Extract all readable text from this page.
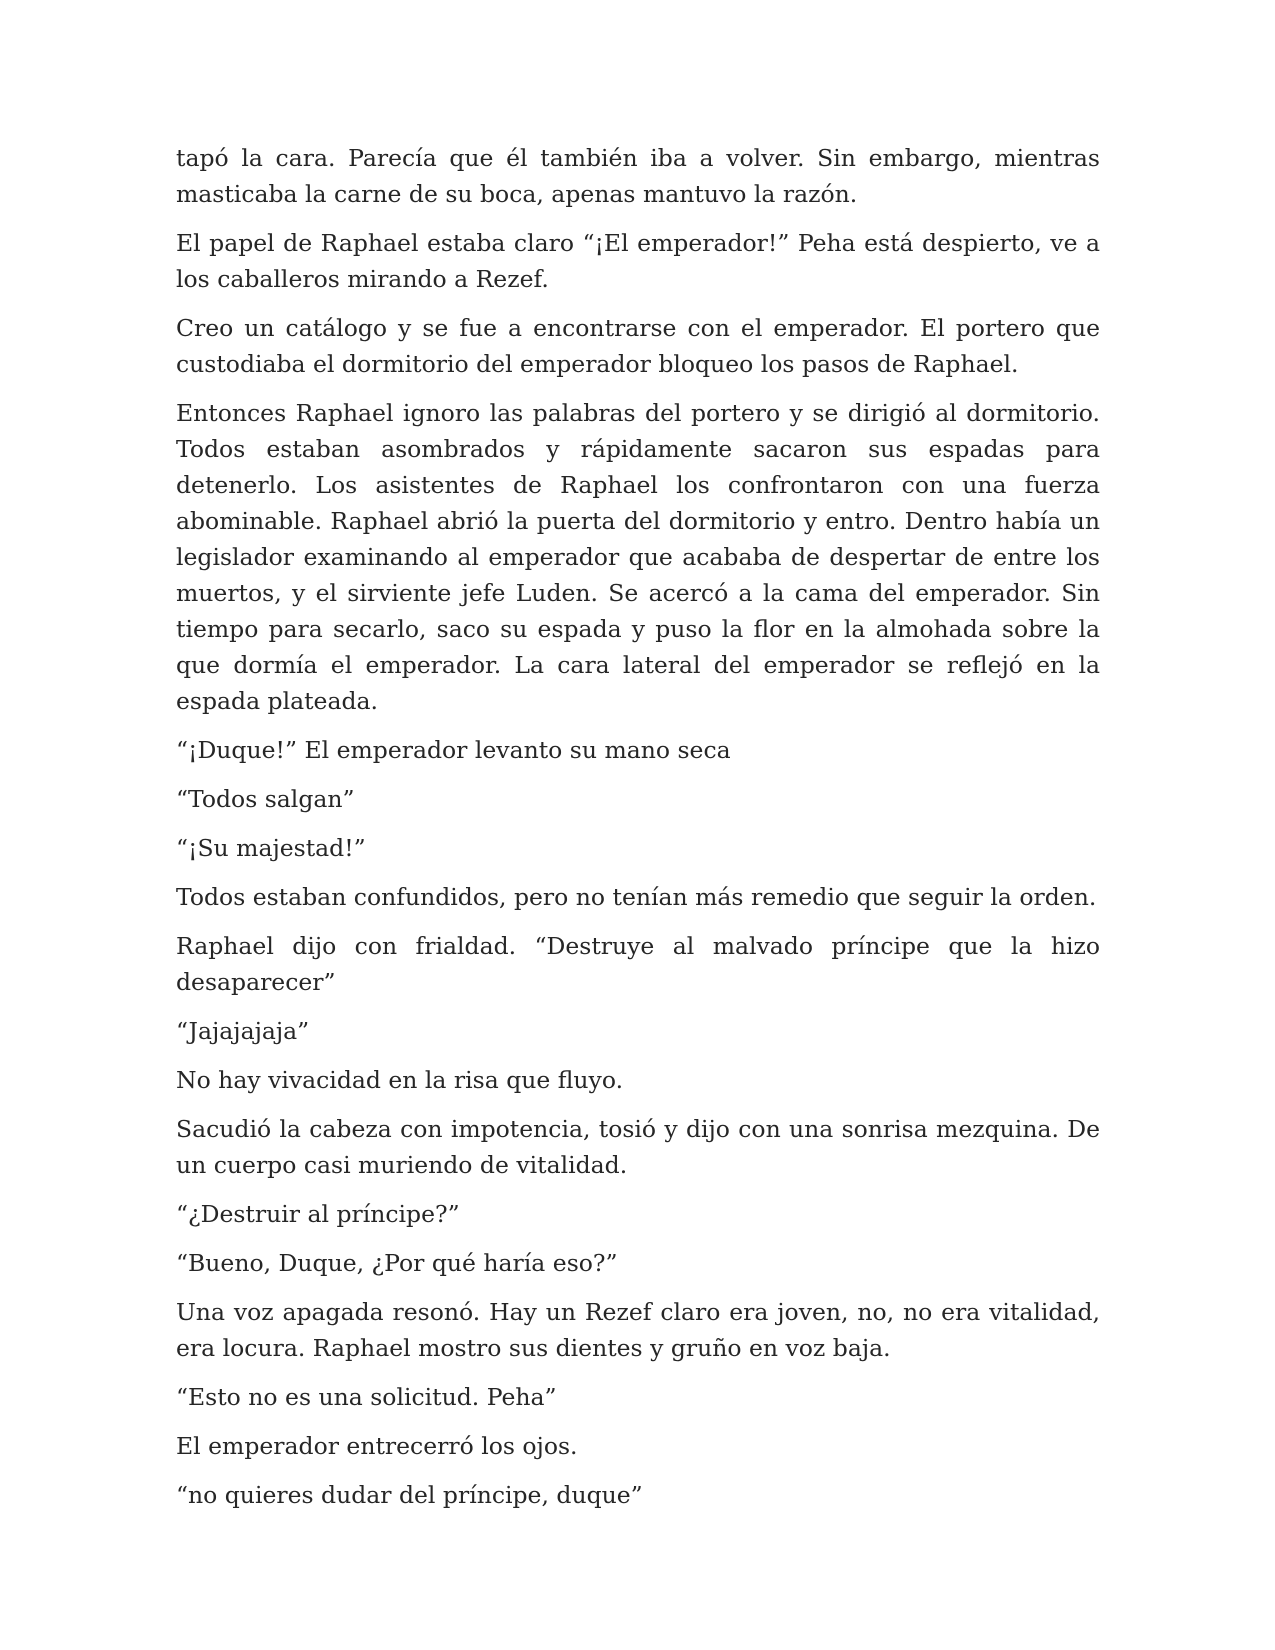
tapó la cara. Parecía que él también iba a volver. Sin embargo, mientras masticaba la carne de su boca, apenas mantuvo la razón.

El papel de Raphael estaba claro “¡El emperador!” Peha está despierto, ve a los caballeros mirando a Rezef.

Creo un catálogo y se fue a encontrarse con el emperador. El portero que custodiaba el dormitorio del emperador bloqueo los pasos de Raphael.

Entonces Raphael ignoro las palabras del portero y se dirigió al dormitorio. Todos estaban asombrados y rápidamente sacaron sus espadas para detenerlo. Los asistentes de Raphael los confrontaron con una fuerza abominable. Raphael abrió la puerta del dormitorio y entro. Dentro había un legislador examinando al emperador que acababa de despertar de entre los muertos, y el sirviente jefe Luden. Se acercó a la cama del emperador. Sin tiempo para secarlo, saco su espada y puso la flor en la almohada sobre la que dormía el emperador. La cara lateral del emperador se reflejó en la espada plateada.

“¡Duque!” El emperador levanto su mano seca

“Todos salgan”

“¡Su majestad!”

Todos estaban confundidos, pero no tenían más remedio que seguir la orden.

Raphael dijo con frialdad. “Destruye al malvado príncipe que la hizo desaparecer”

“Jajajajaja”

No hay vivacidad en la risa que fluyo.

Sacudió la cabeza con impotencia, tosió y dijo con una sonrisa mezquina. De un cuerpo casi muriendo de vitalidad.

“¿Destruir al príncipe?”

“Bueno, Duque, ¿Por qué haría eso?”

Una voz apagada resonó. Hay un Rezef claro era joven, no, no era vitalidad, era locura. Raphael mostro sus dientes y gruño en voz baja.

“Esto no es una solicitud. Peha”

El emperador entrecerró los ojos.

“no quieres dudar del príncipe, duque”
